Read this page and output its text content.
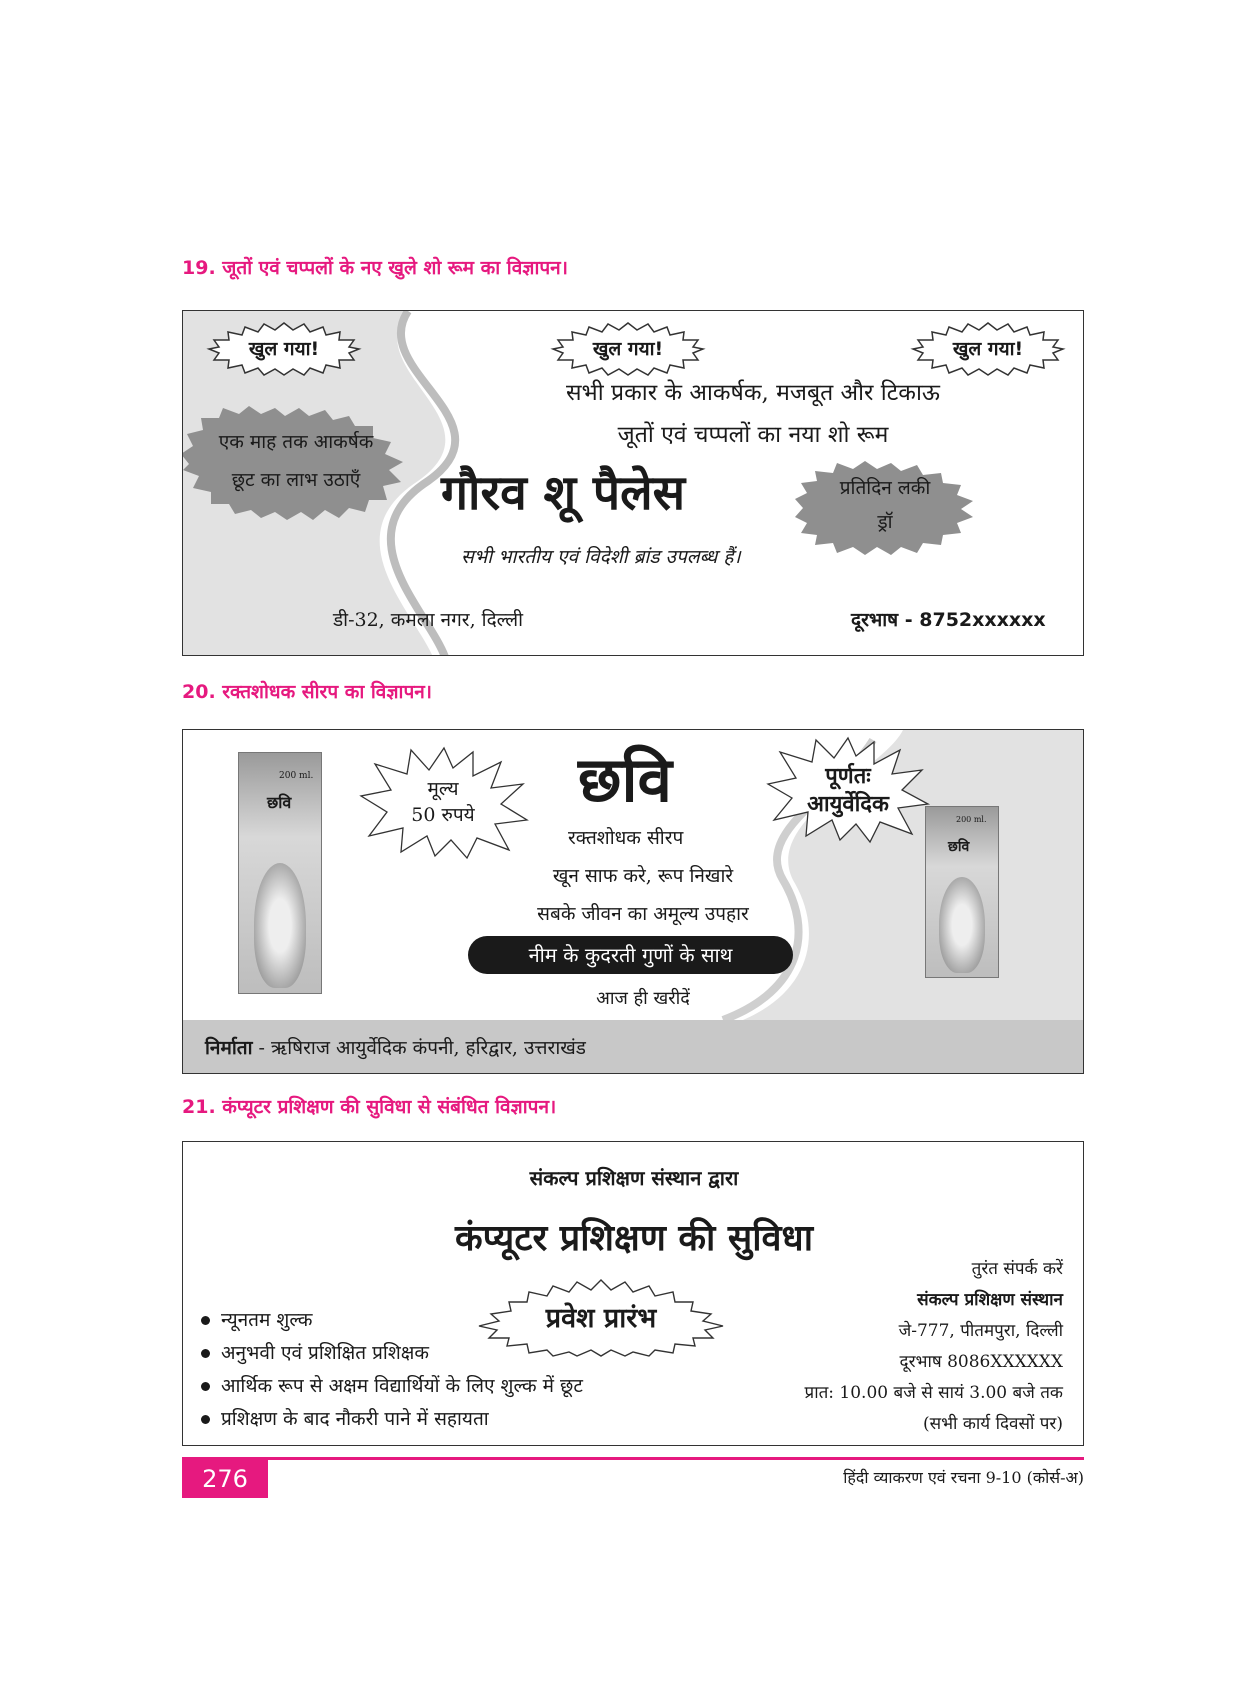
19. जूतों एवं चप्पलों के नए खुले शो रूम का विज्ञापन।
खुल गया!	खुल गया!	खुल गया!
एक माह तक आकर्षक
छूट का लाभ उठाएँ
सभी प्रकार के आकर्षक, मजबूत और टिकाऊ
जूतों एवं चप्पलों का नया शो रूम
गौरव शू पैलेस	प्रतिदिन लकी
ड्रॉ
सभी भारतीय एवं विदेशी ब्रांड उपलब्ध हैं।
डी-32, कमला नगर, दिल्ली	दूरभाष - 8752xxxxxx
20. रक्तशोधक सीरप का विज्ञापन।
200 ml.
छवि
मूल्य
50 रुपये	छवि	पूर्णतः
आयुर्वेदिक
200 ml.
छवि
रक्तशोधक सीरप
खून साफ करे, रूप निखारे
सबके जीवन का अमूल्य उपहार
नीम के कुदरती गुणों के साथ
आज ही खरीदें
निर्माता - ऋषिराज आयुर्वेदिक कंपनी, हरिद्वार, उत्तराखंड
21. कंप्यूटर प्रशिक्षण की सुविधा से संबंधित विज्ञापन।
संकल्प प्रशिक्षण संस्थान द्वारा
कंप्यूटर प्रशिक्षण की सुविधा
प्रवेश प्रारंभ
न्यूनतम शुल्क
अनुभवी एवं प्रशिक्षित प्रशिक्षक
आर्थिक रूप से अक्षम विद्यार्थियों के लिए शुल्क में छूट
प्रशिक्षण के बाद नौकरी पाने में सहायता
तुरंत संपर्क करें
संकल्प प्रशिक्षण संस्थान
जे-777, पीतमपुरा, दिल्ली
दूरभाष 8086XXXXXX
प्रात: 10.00 बजे से सायं 3.00 बजे तक
(सभी कार्य दिवसों पर)
276	हिंदी व्याकरण एवं रचना 9-10 (कोर्स-अ)
